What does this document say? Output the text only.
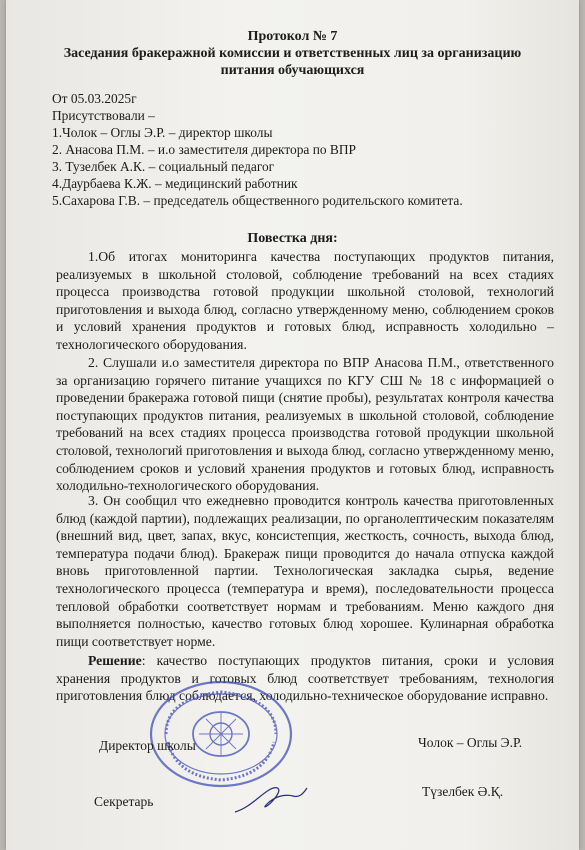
Протокол № 7
Заседания бракеражной комиссии и ответственных лиц за организацию
питания обучающихся
От 05.03.2025г
Присутствовали –
1.Чолок – Оглы Э.Р. – директор школы
2. Анасова П.М. – и.о заместителя директора по ВПР
3. Тузелбек А.К. – социальный педагог
4.Даурбаева К.Ж. – медицинский работник
5.Сахарова Г.В. – председатель общественного родительского комитета.
Повестка дня:
1.Об итогах мониторинга качества поступающих продуктов питания, реализуемых в школьной столовой, соблюдение требований на всех стадиях процесса производства готовой продукции школьной столовой, технологий приготовления и выхода блюд, согласно утвержденному меню, соблюдением сроков и условий хранения продуктов и готовых блюд, исправность холодильно – технологического оборудования.
2. Слушали и.о заместителя директора по ВПР Анасова П.М., ответственного за организацию горячего питание учащихся по КГУ СШ № 18 с информацией о проведении бракеража готовой пищи (снятие пробы), результатах контроля качества поступающих продуктов питания, реализуемых в школьной столовой, соблюдение требований на всех стадиях процесса производства готовой продукции школьной столовой, технологий приготовления и выхода блюд, согласно утвержденному меню, соблюдением сроков и условий хранения продуктов и готовых блюд, исправность холодильно-технологического оборудования.
3. Он сообщил что ежедневно проводится контроль качества приготовленных блюд (каждой партии), подлежащих реализации, по органолептическим показателям (внешний вид, цвет, запах, вкус, консистепция, жесткость, сочность, выхода блюд, температура подачи блюд). Бракераж пищи проводится до начала отпуска каждой вновь приготовленной партии. Технологическая закладка сырья, ведение технологического процесса (температура и время), последовательности процесса тепловой обработки соответствует нормам и требованиям. Меню каждого дня выполняется полностью, качество готовых блюд хорошее. Кулинарная обработка пищи соответствует норме.
Решение: качество поступающих продуктов питания, сроки и условия хранения продуктов и готовых блюд соответствует требованиям, технология приготовления блюд соблюдается, холодильно-техническое оборудование исправно.
Директор школы	Чолок – Оглы Э.Р.
Секретарь
Түзелбек Ә.Қ.
